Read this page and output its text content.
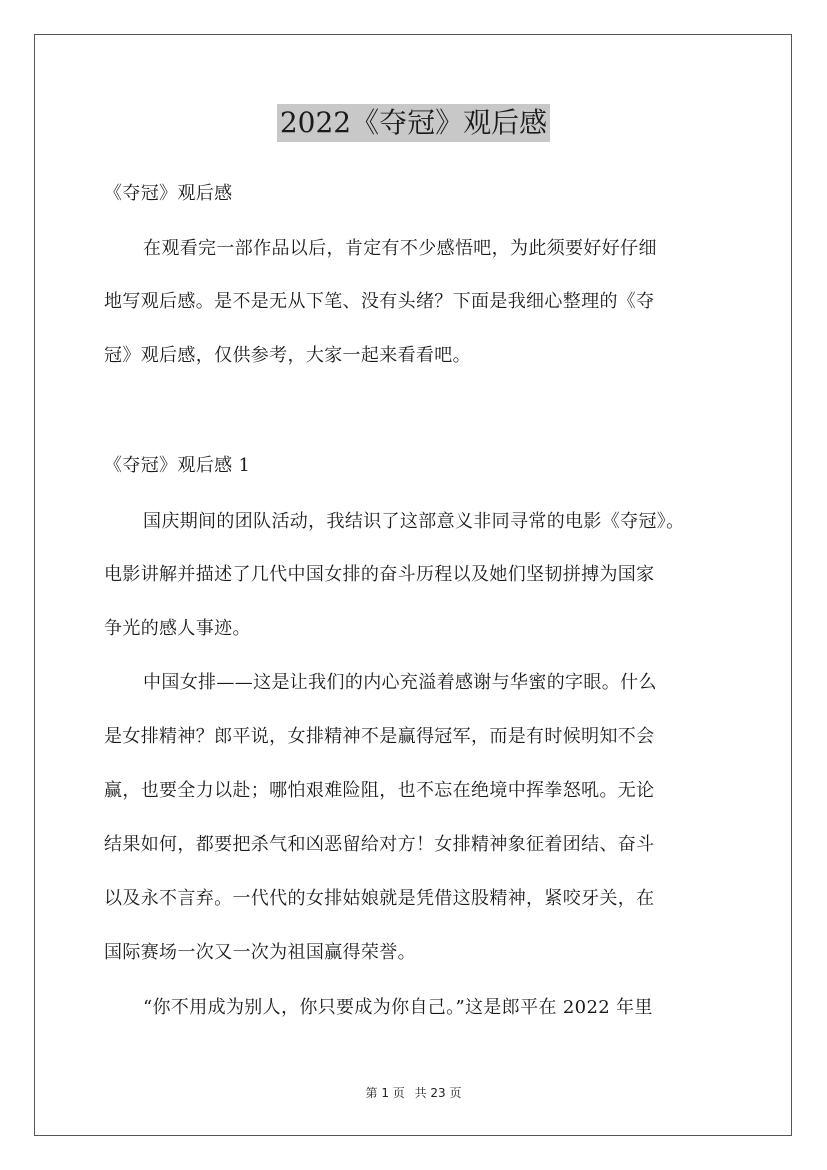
2022《夺冠》观后感
《夺冠》观后感
在观看完一部作品以后，肯定有不少感悟吧，为此须要好好仔细
地写观后感。是不是无从下笔、没有头绪？下面是我细心整理的《夺
冠》观后感，仅供参考，大家一起来看看吧。
《夺冠》观后感 1
国庆期间的团队活动，我结识了这部意义非同寻常的电影《夺冠》。
电影讲解并描述了几代中国女排的奋斗历程以及她们坚韧拼搏为国家
争光的感人事迹。
中国女排——这是让我们的内心充溢着感谢与华蜜的字眼。什么
是女排精神？郎平说，女排精神不是赢得冠军，而是有时候明知不会
赢，也要全力以赴；哪怕艰难险阻，也不忘在绝境中挥拳怒吼。无论
结果如何，都要把杀气和凶恶留给对方！女排精神象征着团结、奋斗
以及永不言弃。一代代的女排姑娘就是凭借这股精神，紧咬牙关，在
国际赛场一次又一次为祖国赢得荣誉。
“你不用成为别人，你只要成为你自己。”这是郎平在 2022 年里
第 1 页 共 23 页
